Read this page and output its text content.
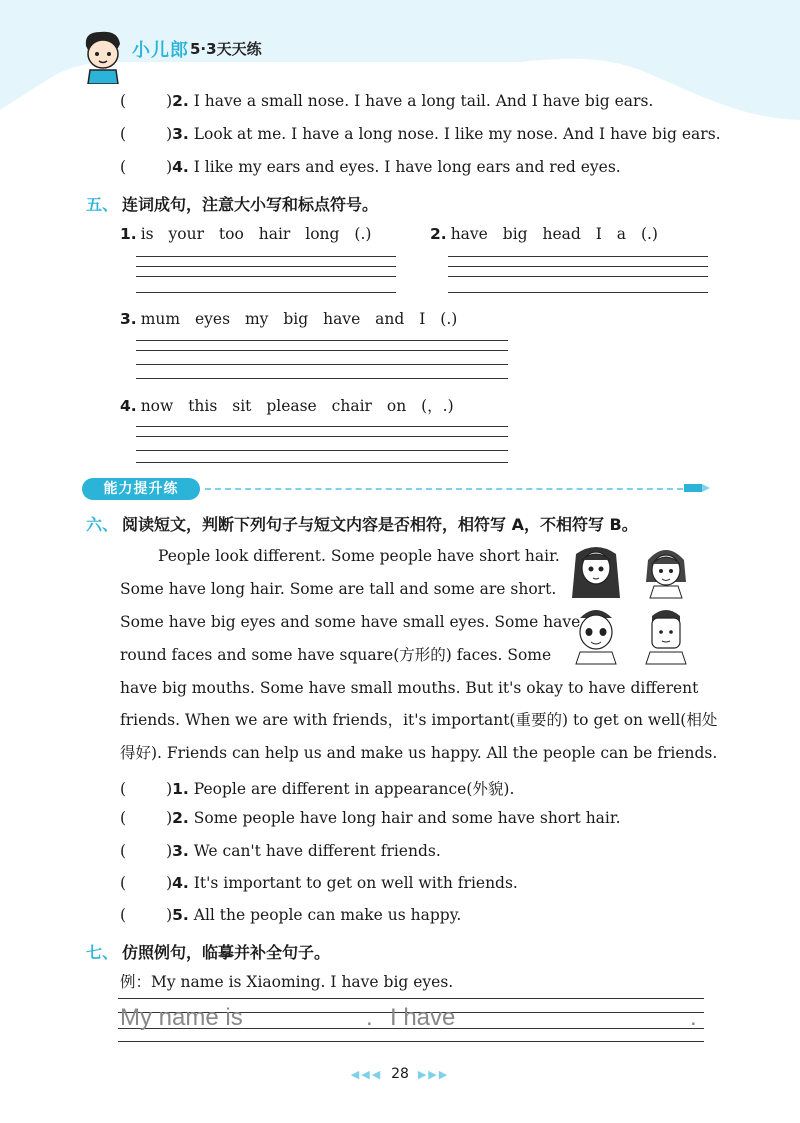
小儿郎 5·3天天练
(	)2. I have a small nose. I have a long tail. And I have big ears.
(	)3. Look at me. I have a long nose. I like my nose. And I have big ears.
(	)4. I like my ears and eyes. I have long ears and red eyes.
五、 连词成句，注意大小写和标点符号。
1. is your too hair long (.)	2. have big head I a (.)
3. mum eyes my big have and I (.)
4. now this sit please chair on (，.)
能力提升练
六、 阅读短文，判断下列句子与短文内容是否相符，相符写 A，不相符写 B。
People look different. Some people have short hair.
Some have long hair. Some are tall and some are short.
Some have big eyes and some have small eyes. Some have
round faces and some have square(方形的) faces. Some
have big mouths. Some have small mouths. But it's okay to have different
friends. When we are with friends，it's important(重要的) to get on well(相处
得好). Friends can help us and make us happy. All the people can be friends.
(	)1. People are different in appearance(外貌).
(	)2. Some people have long hair and some have short hair.
(	)3. We can't have different friends.
(	)4. It's important to get on well with friends.
(	)5. All the people can make us happy.
七、 仿照例句，临摹并补全句子。
例：My name is Xiaoming. I have big eyes.
My name is	. I have	.
◀◀◀ 28 ▶▶▶
